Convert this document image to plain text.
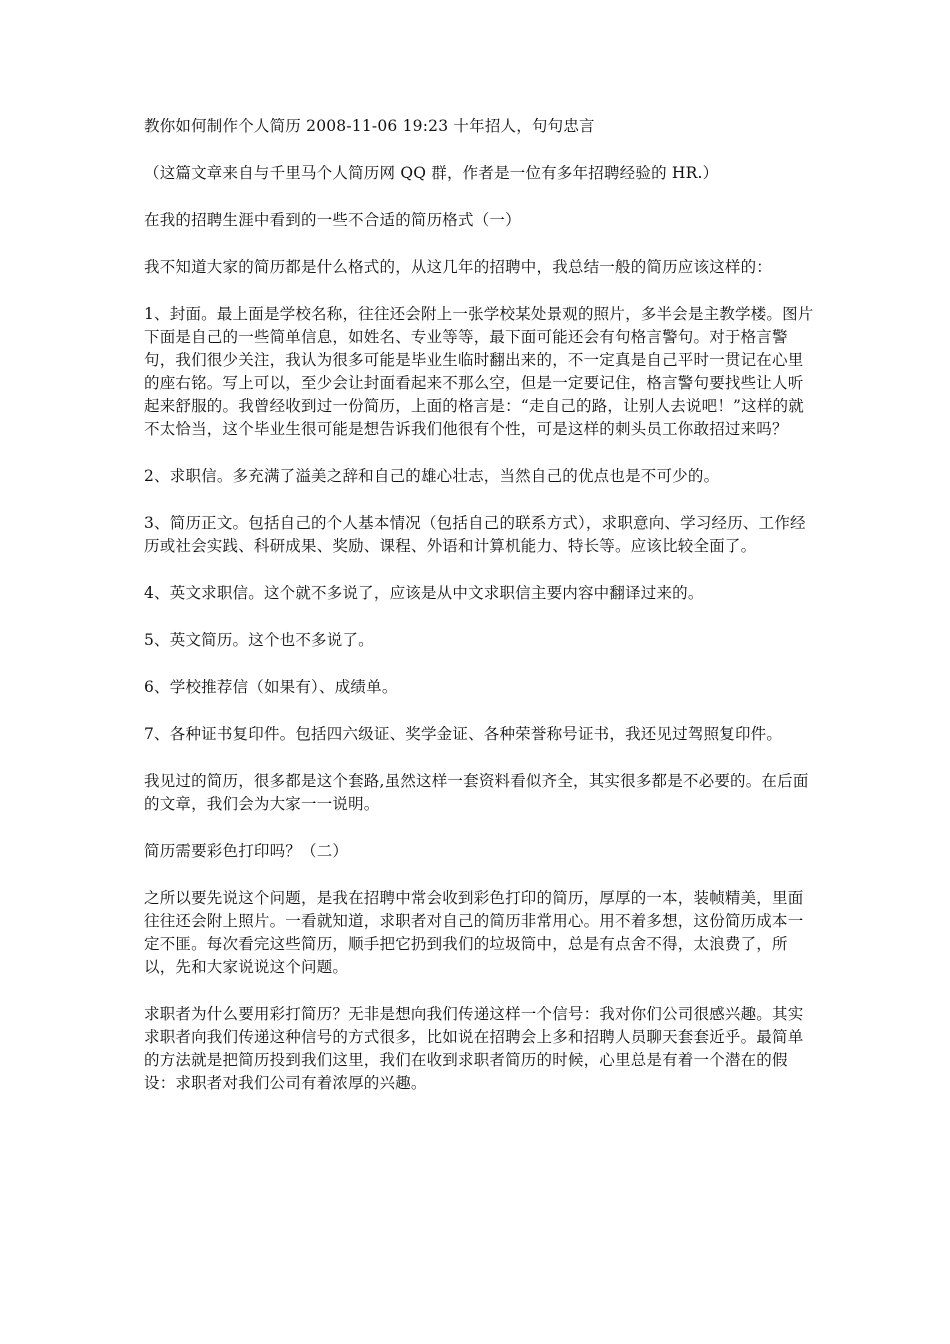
教你如何制作个人简历 2008-11-06 19:23 十年招人，句句忠言

（这篇文章来自与千里马个人简历网 QQ 群，作者是一位有多年招聘经验的 HR.）

在我的招聘生涯中看到的一些不合适的简历格式（一）

我不知道大家的简历都是什么格式的，从这几年的招聘中，我总结一般的简历应该这样的：

1、封面。最上面是学校名称，往往还会附上一张学校某处景观的照片，多半会是主教学楼。图片下面是自己的一些简单信息，如姓名、专业等等，最下面可能还会有句格言警句。对于格言警句，我们很少关注，我认为很多可能是毕业生临时翻出来的，不一定真是自己平时一贯记在心里的座右铭。写上可以，至少会让封面看起来不那么空，但是一定要记住，格言警句要找些让人听起来舒服的。我曾经收到过一份简历，上面的格言是：“走自己的路，让别人去说吧！”这样的就不太恰当，这个毕业生很可能是想告诉我们他很有个性，可是这样的刺头员工你敢招过来吗？

2、求职信。多充满了溢美之辞和自己的雄心壮志，当然自己的优点也是不可少的。

3、简历正文。包括自己的个人基本情况（包括自己的联系方式），求职意向、学习经历、工作经历或社会实践、科研成果、奖励、课程、外语和计算机能力、特长等。应该比较全面了。

4、英文求职信。这个就不多说了，应该是从中文求职信主要内容中翻译过来的。

5、英文简历。这个也不多说了。

6、学校推荐信（如果有）、成绩单。

7、各种证书复印件。包括四六级证、奖学金证、各种荣誉称号证书，我还见过驾照复印件。

我见过的简历，很多都是这个套路,虽然这样一套资料看似齐全，其实很多都是不必要的。在后面的文章，我们会为大家一一说明。

简历需要彩色打印吗？（二）

之所以要先说这个问题，是我在招聘中常会收到彩色打印的简历，厚厚的一本，装帧精美，里面往往还会附上照片。一看就知道，求职者对自己的简历非常用心。用不着多想，这份简历成本一定不匪。每次看完这些简历，顺手把它扔到我们的垃圾筒中，总是有点舍不得，太浪费了，所以，先和大家说说这个问题。

求职者为什么要用彩打简历？无非是想向我们传递这样一个信号：我对你们公司很感兴趣。其实求职者向我们传递这种信号的方式很多，比如说在招聘会上多和招聘人员聊天套套近乎。最简单的方法就是把简历投到我们这里，我们在收到求职者简历的时候，心里总是有着一个潜在的假设：求职者对我们公司有着浓厚的兴趣。
